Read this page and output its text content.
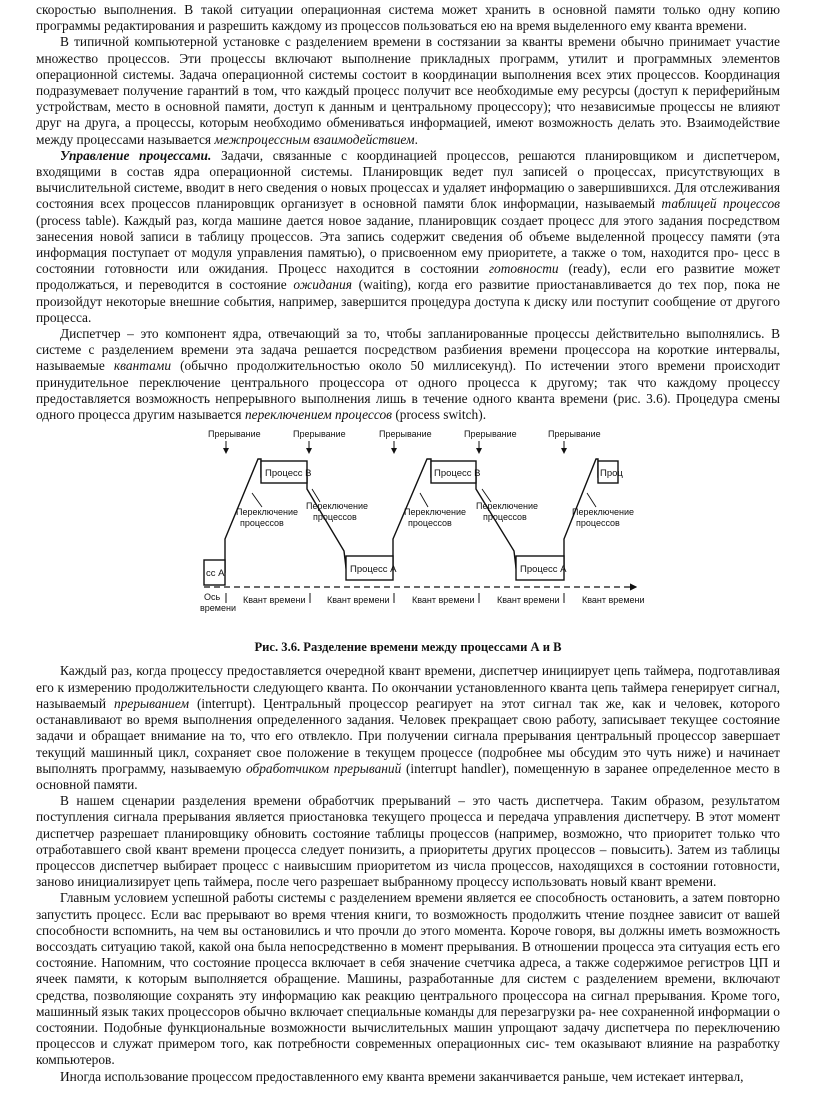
скоростью выполнения. В такой ситуации операционная система может хранить в основной памяти только одну копию программы редактирования и разрешить каждому из процессов пользоваться ею на время выделенного ему кванта времени.

В типичной компьютерной установке с разделением времени в состязании за кванты времени обычно принимает участие множество процессов. Эти процессы включают выполнение прикладных программ, утилит и программных элементов операционной системы. Задача операционной системы состоит в координации выполнения всех этих процессов. Координация подразумевает получение гарантий в том, что каждый процесс получит все необходимые ему ресурсы (доступ к периферийным устройствам, место в основной памяти, доступ к данным и центральному процессору); что независимые процессы не влияют друг на друга, а процессы, которым необходимо обмениваться информацией, имеют возможность делать это. Взаимодействие между процессами называется межпроцессным взаимодействием.

Управление процессами. Задачи, связанные с координацией процессов, решаются планировщиком и диспетчером, входящими в состав ядра операционной системы. Планировщик ведет пул записей о процессах, присутствующих в вычислительной системе, вводит в него сведения о новых процессах и удаляет информацию о завершившихся. Для отслеживания состояния всех процессов планировщик организует в основной памяти блок информации, называемый таблицей процессов (process table). Каждый раз, когда машине дается новое задание, планировщик создает процесс для этого задания посредством занесения новой записи в таблицу процессов. Эта запись содержит сведения об объеме выделенной процессу памяти (эта информация поступает от модуля управления памятью), о присвоенном ему приоритете, а также о том, находится про- цесс в состоянии готовности или ожидания. Процесс находится в состоянии готовности (ready), если его развитие может продолжаться, и переводится в состояние ожидания (waiting), когда его развитие приостанавливается до тех пор, пока не произойдут некоторые внешние события, например, завершится процедура доступа к диску или поступит сообщение от другого процесса.

Диспетчер – это компонент ядра, отвечающий за то, чтобы запланированные процессы действительно выполнялись. В системе с разделением времени эта задача решается посредством разбиения времени процессора на короткие интервалы, называемые квантами (обычно продолжительностью около 50 миллисекунд). По истечении этого времени происходит принудительное переключение центрального процессора от одного процесса к другому; так что каждому процессу предоставляется возможность непрерывного выполнения лишь в течение одного кванта времени (рис. 3.6). Процедура смены одного процесса другим называется переключением процессов (process switch).

сс А
Процесс В
Процесс А
Процесс В
Процесс А
Проц
Прерывание	Прерывание	Прерывание	Прерывание	Прерывание
Переключение
процессов
Переключение
процессов	Переключение
процессов
Переключение
процессов	Переключение
процессов
Ось
времени
Квант времени Квант времени Квант времени Квант времени Квант времени
Рис. 3.6. Разделение времени между процессами А и В

Каждый раз, когда процессу предоставляется очередной квант времени, диспетчер инициирует цепь таймера, подготавливая его к измерению продолжительности следующего кванта. По окончании установленного кванта цепь таймера генерирует сигнал, называемый прерыванием (interrupt). Центральный процессор реагирует на этот сигнал так же, как и человек, которого останавливают во время выполнения определенного задания. Человек прекращает свою работу, записывает текущее состояние задачи и обращает внимание на то, что его отвлекло. При получении сигнала прерывания центральный процессор завершает текущий машинный цикл, сохраняет свое положение в текущем процессе (подробнее мы обсудим это чуть ниже) и начинает выполнять программу, называемую обработчиком прерываний (interrupt handler), помещенную в заранее определенное место в основной памяти.

В нашем сценарии разделения времени обработчик прерываний – это часть диспетчера. Таким образом, результатом поступления сигнала прерывания является приостановка текущего процесса и передача управления диспетчеру. В этот момент диспетчер разрешает планировщику обновить состояние таблицы процессов (например, возможно, что приоритет только что отработавшего свой квант времени процесса следует понизить, а приоритеты других процессов – повысить). Затем из таблицы процессов диспетчер выбирает процесс с наивысшим приоритетом из числа процессов, находящихся в состоянии готовности, заново инициализирует цепь таймера, после чего разрешает выбранному процессу использовать новый квант времени.

Главным условием успешной работы системы с разделением времени является ее способность остановить, а затем повторно запустить процесс. Если вас прерывают во время чтения книги, то возможность продолжить чтение позднее зависит от вашей способности вспомнить, на чем вы остановились и что прочли до этого момента. Короче говоря, вы должны иметь возможность воссоздать ситуацию такой, какой она была непосредственно в момент прерывания. В отношении процесса эта ситуация есть его состояние. Напомним, что состояние процесса включает в себя значение счетчика адреса, а также содержимое регистров ЦП и ячеек памяти, к которым выполняется обращение. Машины, разработанные для систем с разделением времени, включают средства, позволяющие сохранять эту информацию как реакцию центрального процессора на сигнал прерывания. Кроме того, машинный язык таких процессоров обычно включает специальные команды для перезагрузки ра- нее сохраненной информации о состоянии. Подобные функциональные возможности вычислительных машин упрощают задачу диспетчера по переключению процессов и служат примером того, как потребности современных операционных сис- тем оказывают влияние на разработку компьютеров.

Иногда использование процессом предоставленного ему кванта времени заканчивается раньше, чем истекает интервал,
